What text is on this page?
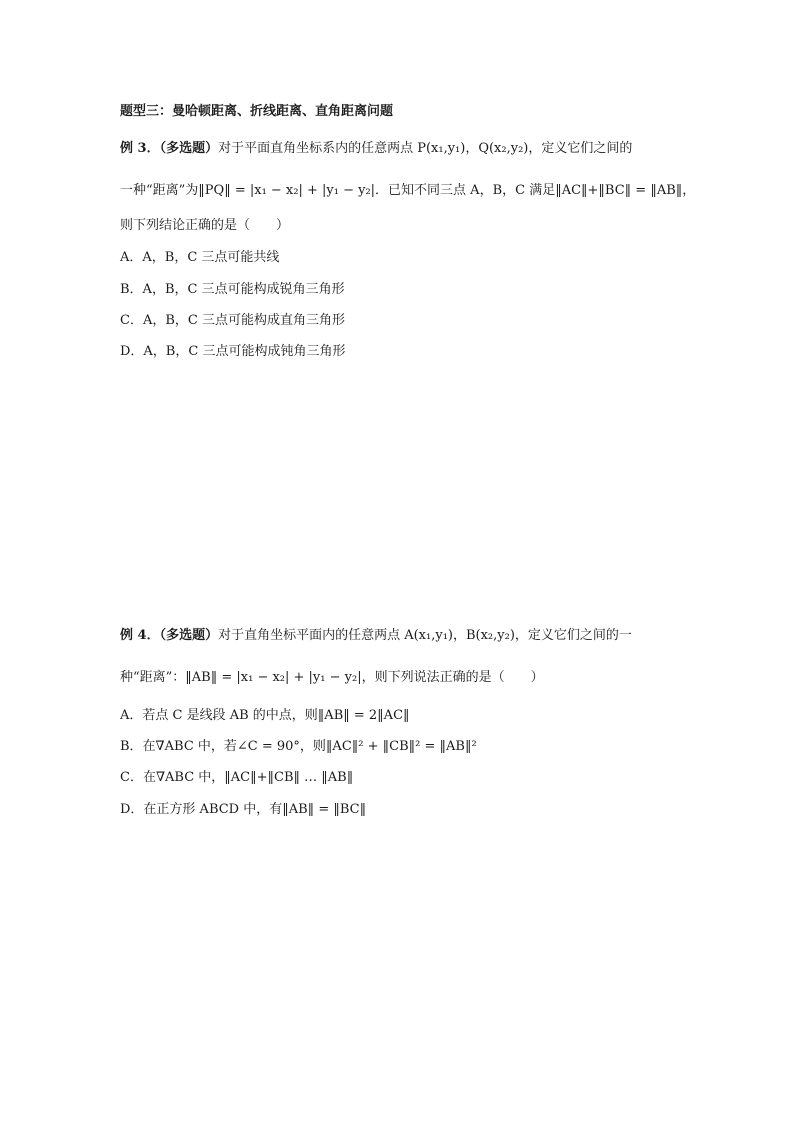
题型三：曼哈顿距离、折线距离、直角距离问题
例 3．（多选题）对于平面直角坐标系内的任意两点 P(x₁,y₁)，Q(x₂,y₂)，定义它们之间的
一种“距离”为‖PQ‖ = |x₁ − x₂| + |y₁ − y₂|．已知不同三点 A，B，C 满足‖AC‖+‖BC‖ = ‖AB‖，
则下列结论正确的是（　　）
A．A，B，C 三点可能共线
B．A，B，C 三点可能构成锐角三角形
C．A，B，C 三点可能构成直角三角形
D．A，B，C 三点可能构成钝角三角形
例 4．（多选题）对于直角坐标平面内的任意两点 A(x₁,y₁)，B(x₂,y₂)，定义它们之间的一
种“距离”：‖AB‖ = |x₁ − x₂| + |y₁ − y₂|，则下列说法正确的是（　　）
A．若点 C 是线段 AB 的中点，则‖AB‖ = 2‖AC‖
B．在∇ABC 中，若∠C = 90°，则‖AC‖² + ‖CB‖² = ‖AB‖²
C．在∇ABC 中，‖AC‖+‖CB‖ … ‖AB‖
D．在正方形 ABCD 中，有‖AB‖ = ‖BC‖
